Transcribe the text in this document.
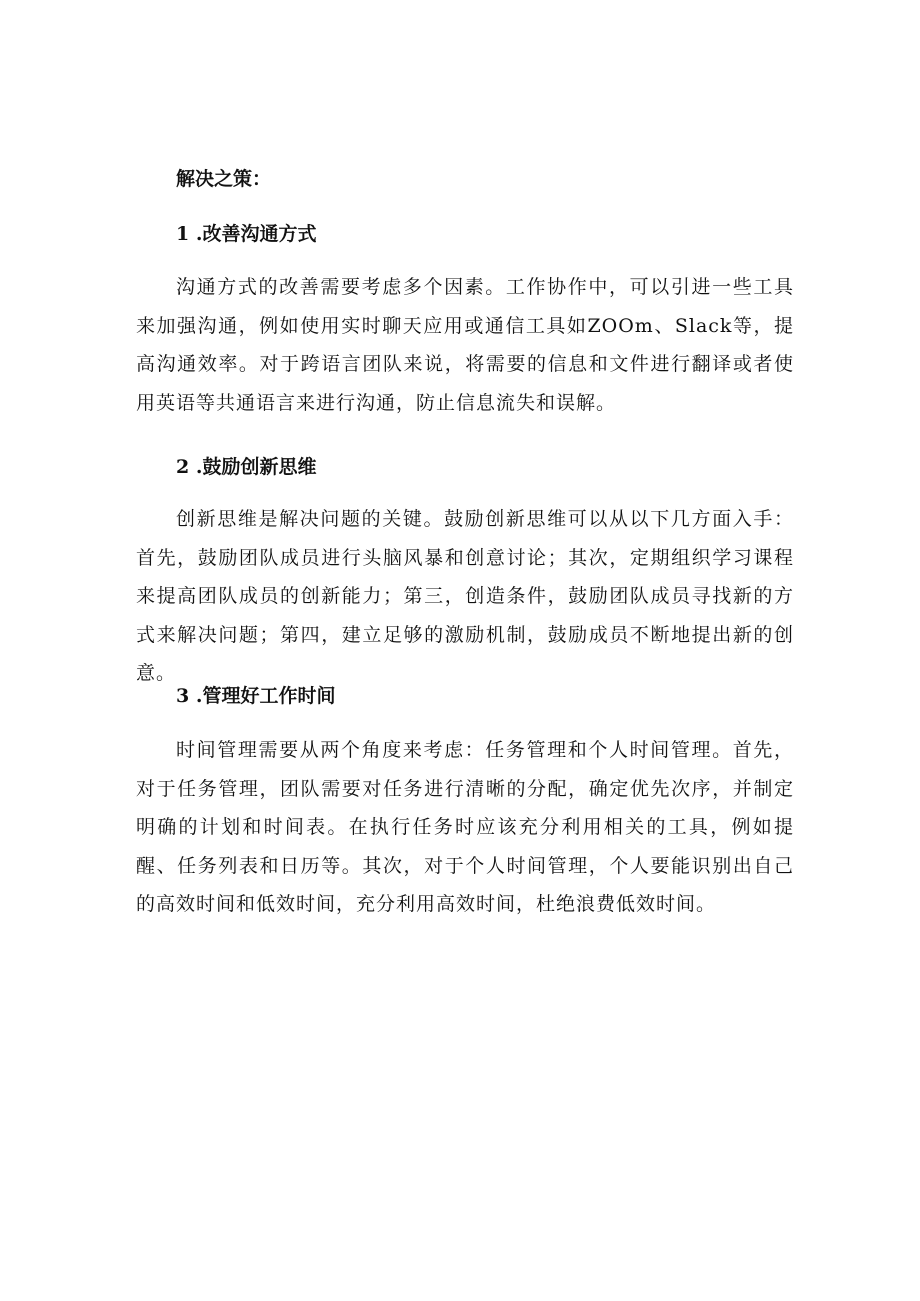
解决之策：

1 .改善沟通方式

沟通方式的改善需要考虑多个因素。工作协作中，可以引进一些工具来加强沟通，例如使用实时聊天应用或通信工具如ZOOm、Slack等，提高沟通效率。对于跨语言团队来说，将需要的信息和文件进行翻译或者使用英语等共通语言来进行沟通，防止信息流失和误解。

2 .鼓励创新思维

创新思维是解决问题的关键。鼓励创新思维可以从以下几方面入手：首先，鼓励团队成员进行头脑风暴和创意讨论；其次，定期组织学习课程来提高团队成员的创新能力；第三，创造条件，鼓励团队成员寻找新的方式来解决问题；第四，建立足够的激励机制，鼓励成员不断地提出新的创意。

3 .管理好工作时间

时间管理需要从两个角度来考虑：任务管理和个人时间管理。首先，对于任务管理，团队需要对任务进行清晰的分配，确定优先次序，并制定明确的计划和时间表。在执行任务时应该充分利用相关的工具，例如提醒、任务列表和日历等。其次，对于个人时间管理，个人要能识别出自己的高效时间和低效时间，充分利用高效时间，杜绝浪费低效时间。
